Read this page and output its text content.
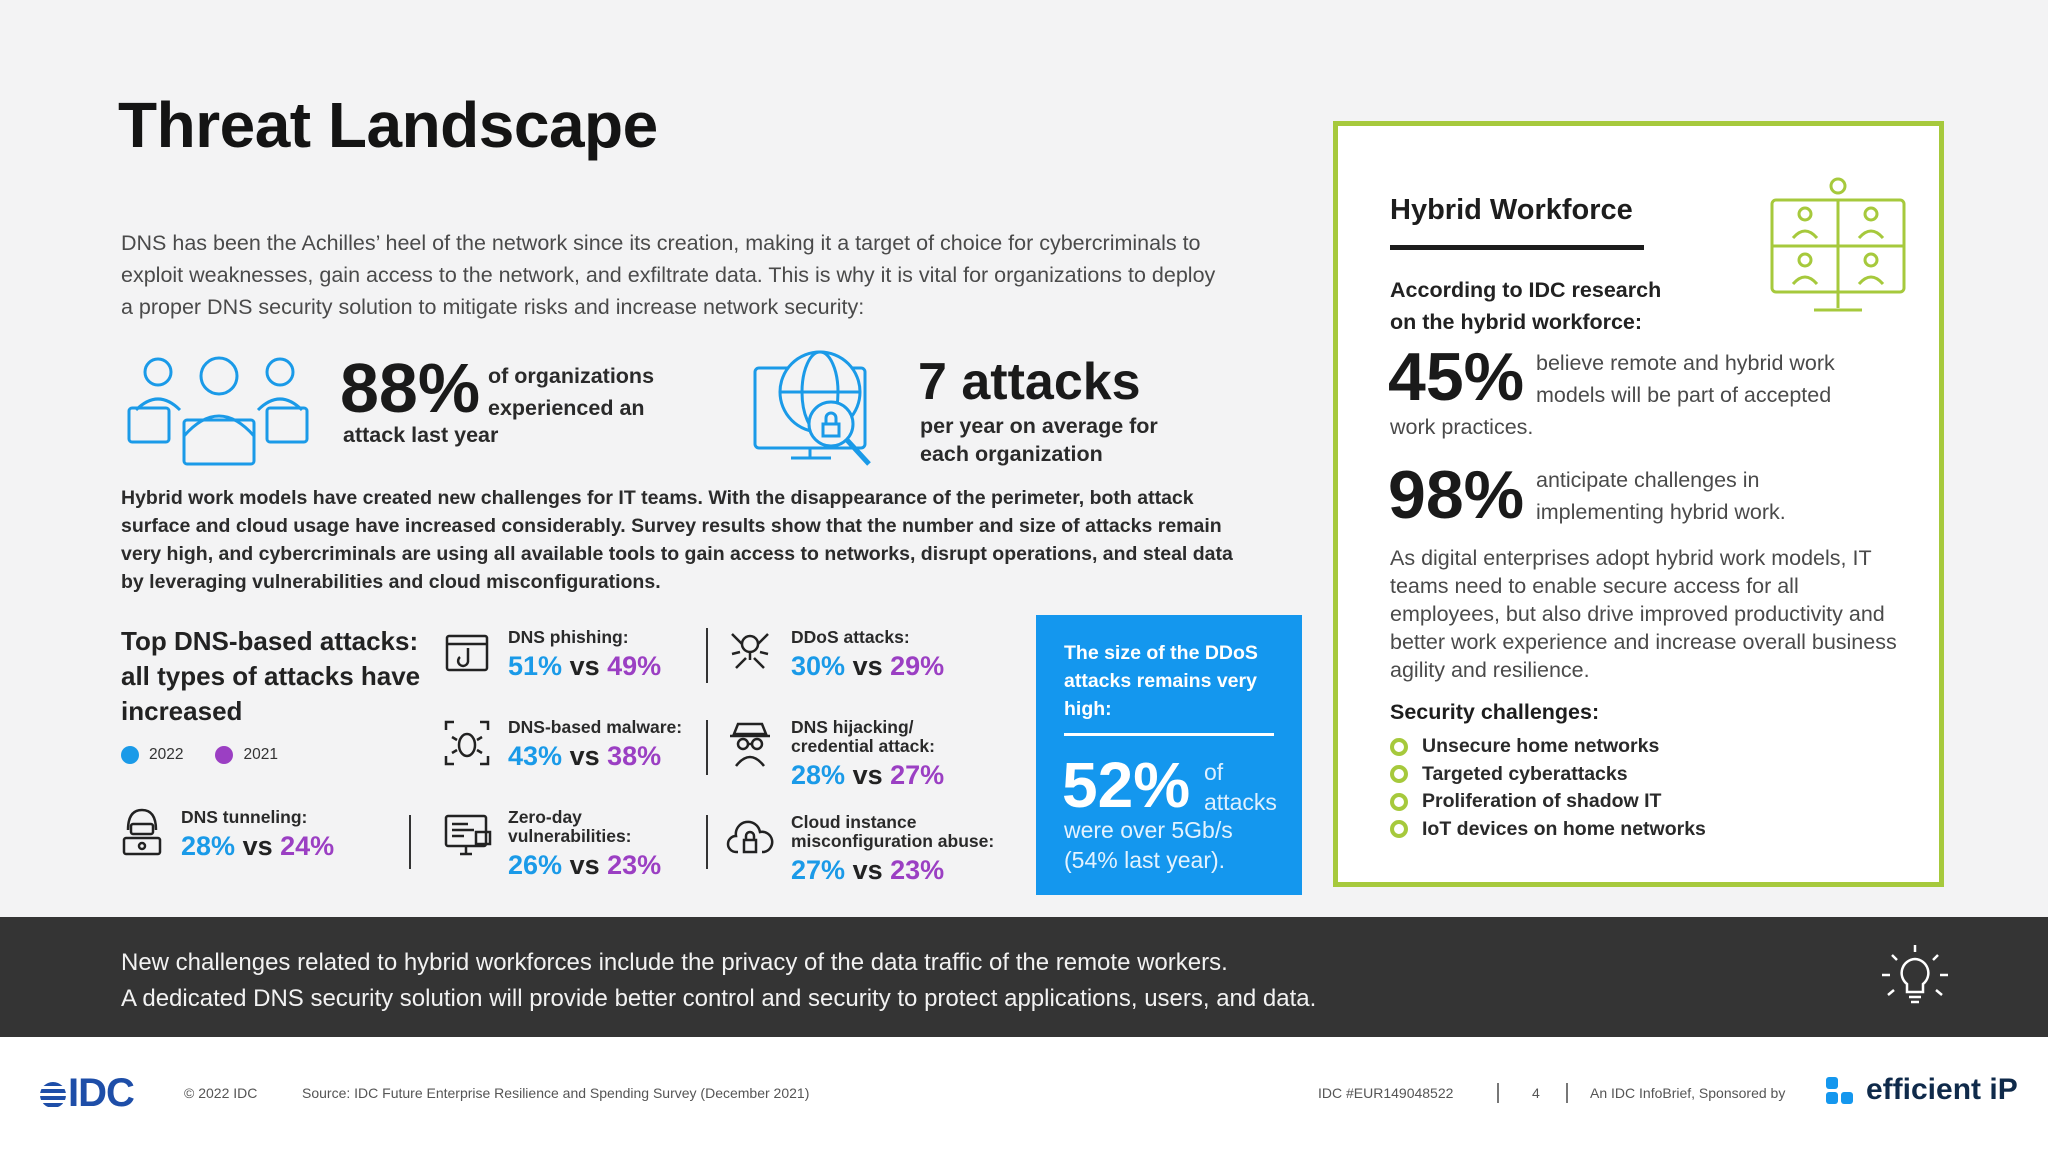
Threat Landscape
DNS has been the Achilles’ heel of the network since its creation, making it a target of choice for cybercriminals to exploit weaknesses, gain access to the network, and exfiltrate data. This is why it is vital for organizations to deploy a proper DNS security solution to mitigate risks and increase network security:
88% of organizations experienced an
attack last year
7 attacks
per year on average for each organization
Hybrid work models have created new challenges for IT teams. With the disappearance of the perimeter, both attack surface and cloud usage have increased considerably. Survey results show that the number and size of attacks remain very high, and cybercriminals are using all available tools to gain access to networks, disrupt operations, and steal data by leveraging vulnerabilities and cloud misconfigurations.
Top DNS-based attacks: all types of attacks have increased
2022	2021
DNS tunneling:
28% vs 24%
DNS phishing:
51% vs 49%
DNS-based malware:
43% vs 38%
Zero-day vulnerabilities:
26% vs 23%
DDoS attacks:
30% vs 29%
DNS hijacking/ credential attack:
28% vs 27%
Cloud instance misconfiguration abuse:
27% vs 23%
The size of the DDoS attacks remains very high:
52% of attacks
were over 5Gb/s (54% last year).
Hybrid Workforce
According to IDC research on the hybrid workforce:
45% believe remote and hybrid work models will be part of accepted
work practices.
98% anticipate challenges in implementing hybrid work.
As digital enterprises adopt hybrid work models, IT teams need to enable secure access for all employees, but also drive improved productivity and better work experience and increase overall business agility and resilience.
Security challenges:
Unsecure home networks
Targeted cyberattacks
Proliferation of shadow IT
IoT devices on home networks
New challenges related to hybrid workforces include the privacy of the data traffic of the remote workers.
A dedicated DNS security solution will provide better control and security to protect applications, users, and data.
IDC	© 2022 IDC	Source: IDC Future Enterprise Resilience and Spending Survey (December 2021)	IDC #EUR149048522	4	An IDC InfoBrief, Sponsored by	efficient iP
